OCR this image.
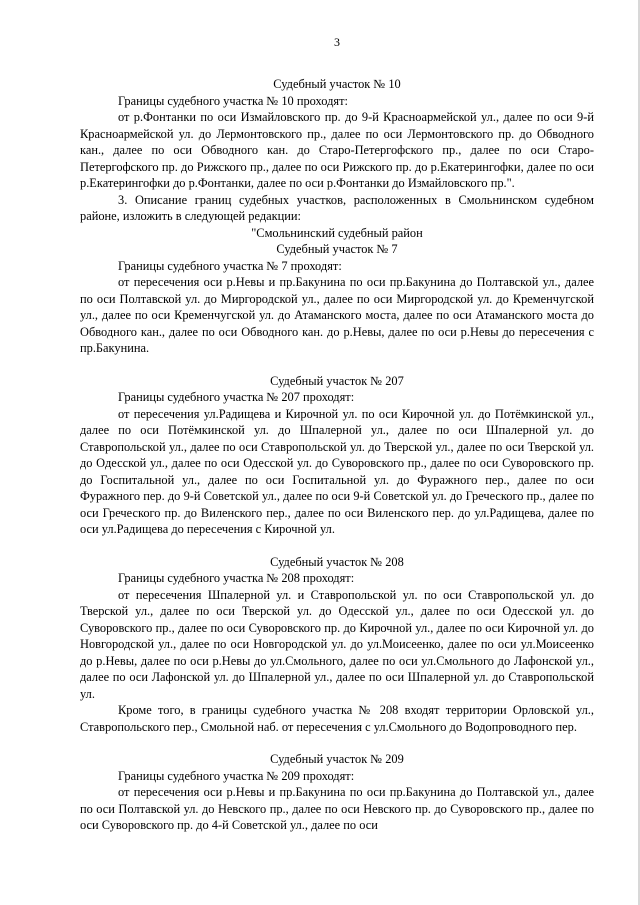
3
Судебный участок № 10

Границы судебного участка № 10 проходят:

от р.Фонтанки по оси Измайловского пр. до 9-й Красноармейской ул., далее по оси 9-й Красноармейской ул. до Лермонтовского пр., далее по оси Лермонтовского пр. до Обводного кан., далее по оси Обводного кан. до Старо-Петергофского пр., далее по оси Старо-Петергофского пр. до Рижского пр., далее по оси Рижского пр. до р.Екатерингофки, далее по оси р.Екатерингофки до р.Фонтанки, далее по оси р.Фонтанки до Измайловского пр.".

3. Описание границ судебных участков, расположенных в Смольнинском судебном районе, изложить в следующей редакции:

"Смольнинский судебный район
Судебный участок № 7

Границы судебного участка № 7 проходят:

от пересечения оси р.Невы и пр.Бакунина по оси пр.Бакунина до Полтавской ул., далее по оси Полтавской ул. до Миргородской ул., далее по оси Миргородской ул. до Кременчугской ул., далее по оси Кременчугской ул. до Атаманского моста, далее по оси Атаманского моста до Обводного кан., далее по оси Обводного кан. до р.Невы, далее по оси р.Невы до пересечения с пр.Бакунина.

Судебный участок № 207

Границы судебного участка № 207 проходят:

от пересечения ул.Радищева и Кирочной ул. по оси Кирочной ул. до Потёмкинской ул., далее по оси Потёмкинской ул. до Шпалерной ул., далее по оси Шпалерной ул. до Ставропольской ул., далее по оси Ставропольской ул. до Тверской ул., далее по оси Тверской ул. до Одесской ул., далее по оси Одесской ул. до Суворовского пр., далее по оси Суворовского пр. до Госпитальной ул., далее по оси Госпитальной ул. до Фуражного пер., далее по оси Фуражного пер. до 9-й Советской ул., далее по оси 9-й Советской ул. до Греческого пр., далее по оси Греческого пр. до Виленского пер., далее по оси Виленского пер. до ул.Радищева, далее по оси ул.Радищева до пересечения с Кирочной ул.

Судебный участок № 208

Границы судебного участка № 208 проходят:

от пересечения Шпалерной ул. и Ставропольской ул. по оси Ставропольской ул. до Тверской ул., далее по оси Тверской ул. до Одесской ул., далее по оси Одесской ул. до Суворовского пр., далее по оси Суворовского пр. до Кирочной ул., далее по оси Кирочной ул. до Новгородской ул., далее по оси Новгородской ул. до ул.Моисеенко, далее по оси ул.Моисеенко до р.Невы, далее по оси р.Невы до ул.Смольного, далее по оси ул.Смольного до Лафонской ул., далее по оси Лафонской ул. до Шпалерной ул., далее по оси Шпалерной ул. до Ставропольской ул.

Кроме того, в границы судебного участка № 208 входят территории Орловской ул., Ставропольского пер., Смольной наб. от пересечения с ул.Смольного до Водопроводного пер.

Судебный участок № 209

Границы судебного участка № 209 проходят:

от пересечения оси р.Невы и пр.Бакунина по оси пр.Бакунина до Полтавской ул., далее по оси Полтавской ул. до Невского пр., далее по оси Невского пр. до Суворовского пр., далее по оси Суворовского пр. до 4-й Советской ул., далее по оси
